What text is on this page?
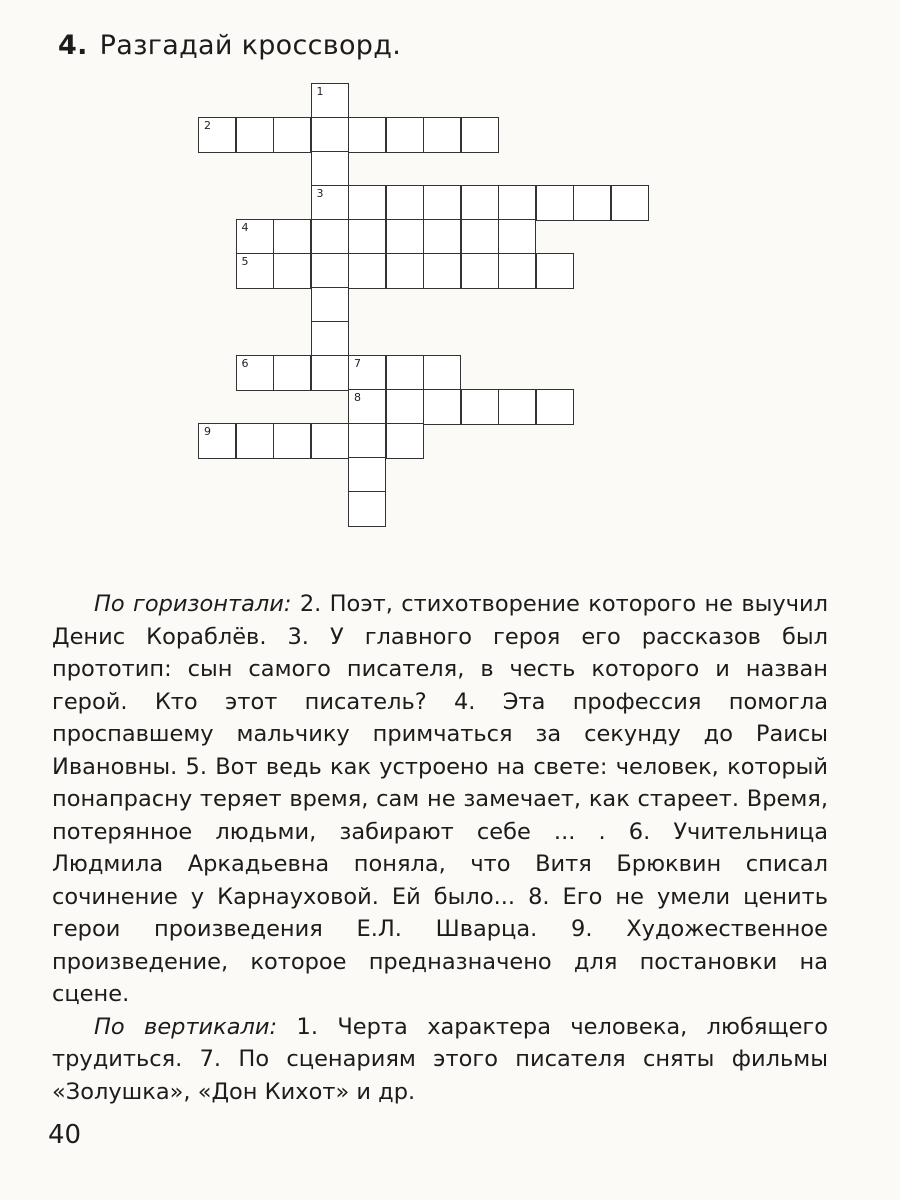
4. Разгадай кроссворд.
1
2
3
4
5
6	7
8
9

По горизонтали: 2. Поэт, стихотворение которого не выучил Денис Кораблёв. 3. У главного героя его рассказов был прототип: сын самого писателя, в честь которого и назван герой. Кто этот писатель? 4. Эта профессия помогла проспавшему мальчику примчаться за секунду до Раисы Ивановны. 5. Вот ведь как устроено на свете: человек, который понапрасну теряет время, сам не замечает, как стареет. Время, потерянное людьми, забирают себе ... . 6. Учительница Людмила Аркадьевна поняла, что Витя Брюквин списал сочинение у Карнауховой. Ей было... 8. Его не умели ценить герои произведения Е.Л. Шварца. 9. Художественное произведение, которое предназначено для постановки на сцене.

По вертикали: 1. Черта характера человека, любящего трудиться. 7. По сценариям этого писателя сняты фильмы «Золушка», «Дон Кихот» и др.

40
